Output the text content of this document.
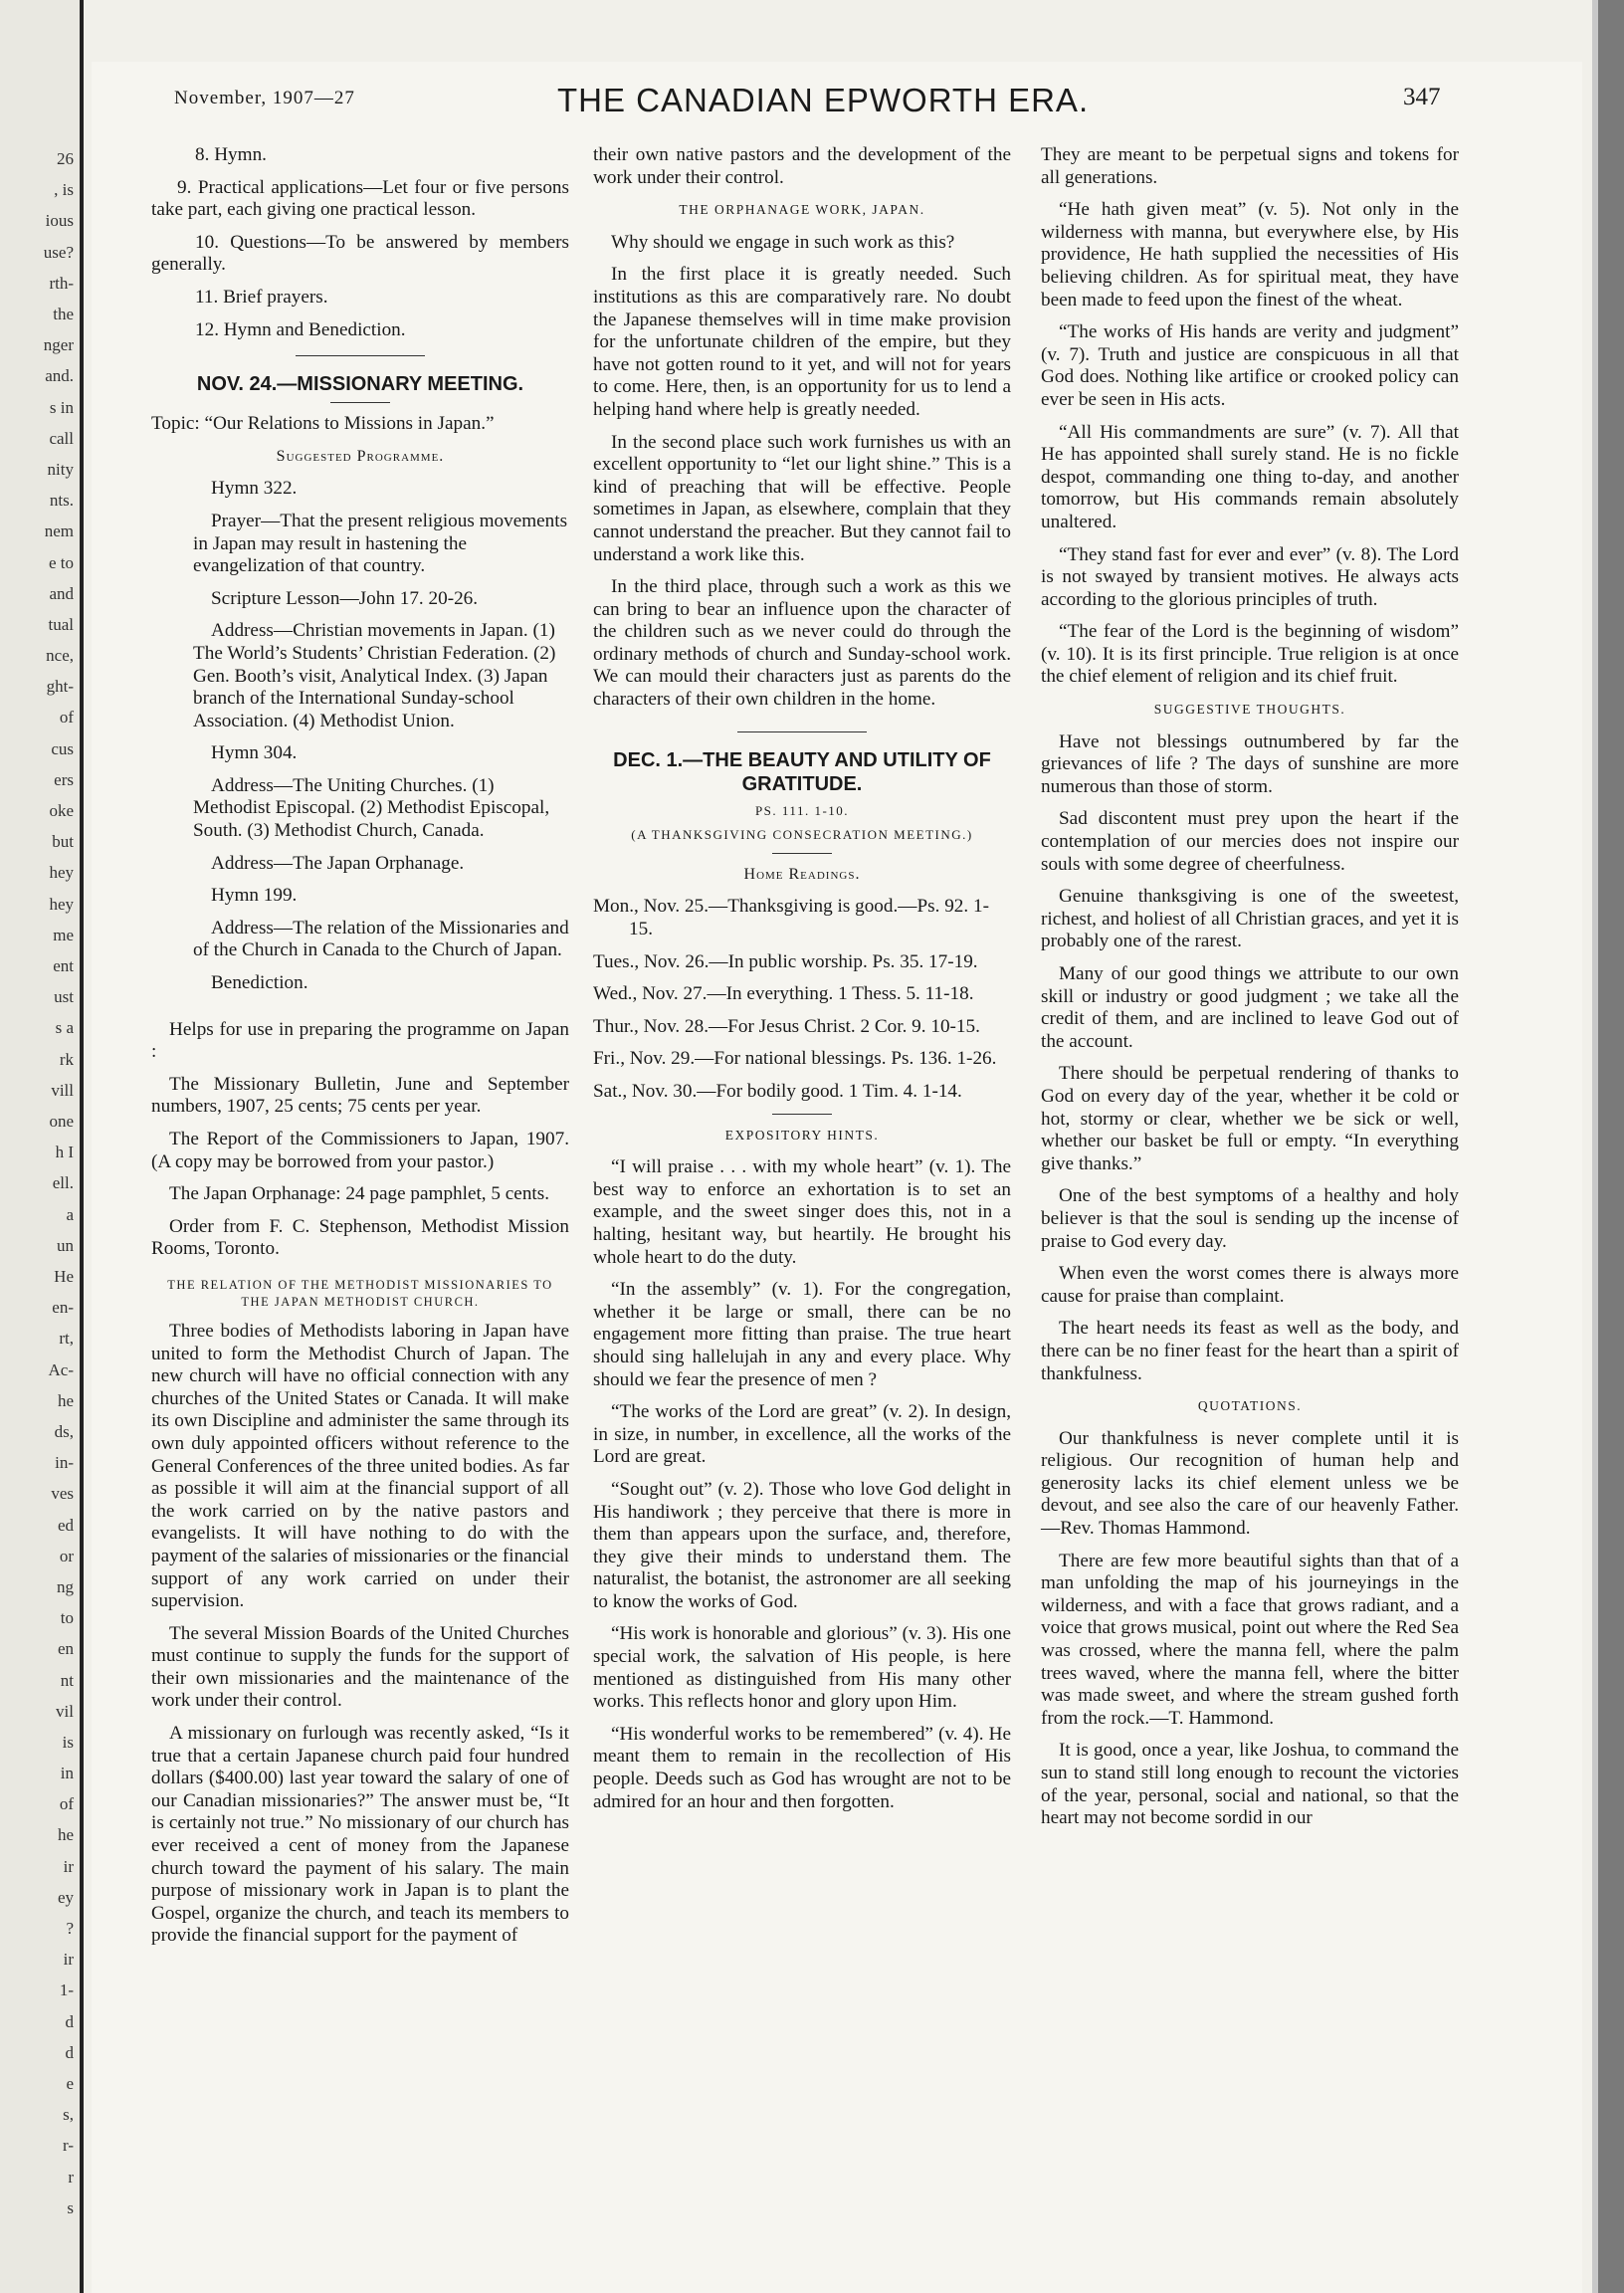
26
, is
ious
use?
rth-
the
nger
and.
s in
call
nity
nts.
nem
e to
and
tual
nce,
ght-
of
cus
ers
oke
but
hey
hey
me
ent
ust
s a
rk
vill
one
h I
ell.
a
un
He
en-
rt,
Ac-
he
ds,
in-
ves
ed
or
ng
to
en
nt
vil
is
in
of
he
ir
ey
?
ir
1-
d
d
e
s,
r-
r
s
November, 1907—27	THE CANADIAN EPWORTH ERA.	347

8. Hymn.

9. Practical applications—Let four or five persons take part, each giving one practical lesson.

10. Questions—To be answered by members generally.

11. Brief prayers.

12. Hymn and Benediction.

NOV. 24.—MISSIONARY MEETING.

Topic: “Our Relations to Missions in Japan.”

Suggested Programme.

Hymn 322.

Prayer—That the present religious movements in Japan may result in hastening the evangelization of that country.

Scripture Lesson—John 17. 20-26.

Address—Christian movements in Japan. (1) The World’s Students’ Christian Federation. (2) Gen. Booth’s visit, Analytical Index. (3) Japan branch of the International Sunday-school Association. (4) Methodist Union.

Hymn 304.

Address—The Uniting Churches. (1) Methodist Episcopal. (2) Methodist Episcopal, South. (3) Methodist Church, Canada.

Address—The Japan Orphanage.

Hymn 199.

Address—The relation of the Missionaries and of the Church in Canada to the Church of Japan.

Benediction.

Helps for use in preparing the programme on Japan :

The Missionary Bulletin, June and September numbers, 1907, 25 cents; 75 cents per year.

The Report of the Commissioners to Japan, 1907. (A copy may be borrowed from your pastor.)

The Japan Orphanage: 24 page pamphlet, 5 cents.

Order from F. C. Stephenson, Methodist Mission Rooms, Toronto.

THE RELATION OF THE METHODIST MISSIONARIES TO THE JAPAN METHODIST CHURCH.

Three bodies of Methodists laboring in Japan have united to form the Methodist Church of Japan. The new church will have no official connection with any churches of the United States or Canada. It will make its own Discipline and administer the same through its own duly appointed officers without reference to the General Conferences of the three united bodies. As far as possible it will aim at the financial support of all the work carried on by the native pastors and evangelists. It will have nothing to do with the payment of the salaries of missionaries or the financial support of any work carried on under their supervision.

The several Mission Boards of the United Churches must continue to supply the funds for the support of their own missionaries and the maintenance of the work under their control.

A missionary on furlough was recently asked, “Is it true that a certain Japanese church paid four hundred dollars ($400.00) last year toward the salary of one of our Canadian missionaries?” The answer must be, “It is certainly not true.” No missionary of our church has ever received a cent of money from the Japanese church toward the payment of his salary. The main purpose of missionary work in Japan is to plant the Gospel, organize the church, and teach its members to provide the financial support for the payment of

their own native pastors and the development of the work under their control.

THE ORPHANAGE WORK, JAPAN.

Why should we engage in such work as this?

In the first place it is greatly needed. Such institutions as this are comparatively rare. No doubt the Japanese themselves will in time make provision for the unfortunate children of the empire, but they have not gotten round to it yet, and will not for years to come. Here, then, is an opportunity for us to lend a helping hand where help is greatly needed.

In the second place such work furnishes us with an excellent opportunity to “let our light shine.” This is a kind of preaching that will be effective. People sometimes in Japan, as elsewhere, complain that they cannot understand the preacher. But they cannot fail to understand a work like this.

In the third place, through such a work as this we can bring to bear an influence upon the character of the children such as we never could do through the ordinary methods of church and Sunday-school work. We can mould their characters just as parents do the characters of their own children in the home.

DEC. 1.—THE BEAUTY AND UTILITY OF GRATITUDE.
PS. 111. 1-10.
(A THANKSGIVING CONSECRATION MEETING.)
Home Readings.

Mon., Nov. 25.—Thanksgiving is good.—Ps. 92. 1-15.

Tues., Nov. 26.—In public worship. Ps. 35. 17-19.

Wed., Nov. 27.—In everything. 1 Thess. 5. 11-18.

Thur., Nov. 28.—For Jesus Christ. 2 Cor. 9. 10-15.

Fri., Nov. 29.—For national blessings. Ps. 136. 1-26.

Sat., Nov. 30.—For bodily good. 1 Tim. 4. 1-14.

EXPOSITORY HINTS.

“I will praise . . . with my whole heart” (v. 1). The best way to enforce an exhortation is to set an example, and the sweet singer does this, not in a halting, hesitant way, but heartily. He brought his whole heart to do the duty.

“In the assembly” (v. 1). For the congregation, whether it be large or small, there can be no engagement more fitting than praise. The true heart should sing hallelujah in any and every place. Why should we fear the presence of men ?

“The works of the Lord are great” (v. 2). In design, in size, in number, in excellence, all the works of the Lord are great.

“Sought out” (v. 2). Those who love God delight in His handiwork ; they perceive that there is more in them than appears upon the surface, and, therefore, they give their minds to understand them. The naturalist, the botanist, the astronomer are all seeking to know the works of God.

“His work is honorable and glorious” (v. 3). His one special work, the salvation of His people, is here mentioned as distinguished from His many other works. This reflects honor and glory upon Him.

“His wonderful works to be remembered” (v. 4). He meant them to remain in the recollection of His people. Deeds such as God has wrought are not to be admired for an hour and then forgotten.

They are meant to be perpetual signs and tokens for all generations.

“He hath given meat” (v. 5). Not only in the wilderness with manna, but everywhere else, by His providence, He hath supplied the necessities of His believing children. As for spiritual meat, they have been made to feed upon the finest of the wheat.

“The works of His hands are verity and judgment” (v. 7). Truth and justice are conspicuous in all that God does. Nothing like artifice or crooked policy can ever be seen in His acts.

“All His commandments are sure” (v. 7). All that He has appointed shall surely stand. He is no fickle despot, commanding one thing to-day, and another tomorrow, but His commands remain absolutely unaltered.

“They stand fast for ever and ever” (v. 8). The Lord is not swayed by transient motives. He always acts according to the glorious principles of truth.

“The fear of the Lord is the beginning of wisdom” (v. 10). It is its first principle. True religion is at once the chief element of religion and its chief fruit.

SUGGESTIVE THOUGHTS.

Have not blessings outnumbered by far the grievances of life ? The days of sunshine are more numerous than those of storm.

Sad discontent must prey upon the heart if the contemplation of our mercies does not inspire our souls with some degree of cheerfulness.

Genuine thanksgiving is one of the sweetest, richest, and holiest of all Christian graces, and yet it is probably one of the rarest.

Many of our good things we attribute to our own skill or industry or good judgment ; we take all the credit of them, and are inclined to leave God out of the account.

There should be perpetual rendering of thanks to God on every day of the year, whether it be cold or hot, stormy or clear, whether we be sick or well, whether our basket be full or empty. “In everything give thanks.”

One of the best symptoms of a healthy and holy believer is that the soul is sending up the incense of praise to God every day.

When even the worst comes there is always more cause for praise than complaint.

The heart needs its feast as well as the body, and there can be no finer feast for the heart than a spirit of thankfulness.

QUOTATIONS.

Our thankfulness is never complete until it is religious. Our recognition of human help and generosity lacks its chief element unless we be devout, and see also the care of our heavenly Father.—Rev. Thomas Hammond.

There are few more beautiful sights than that of a man unfolding the map of his journeyings in the wilderness, and with a face that grows radiant, and a voice that grows musical, point out where the Red Sea was crossed, where the manna fell, where the palm trees waved, where the manna fell, where the bitter was made sweet, and where the stream gushed forth from the rock.—T. Hammond.

It is good, once a year, like Joshua, to command the sun to stand still long enough to recount the victories of the year, personal, social and national, so that the heart may not become sordid in our
